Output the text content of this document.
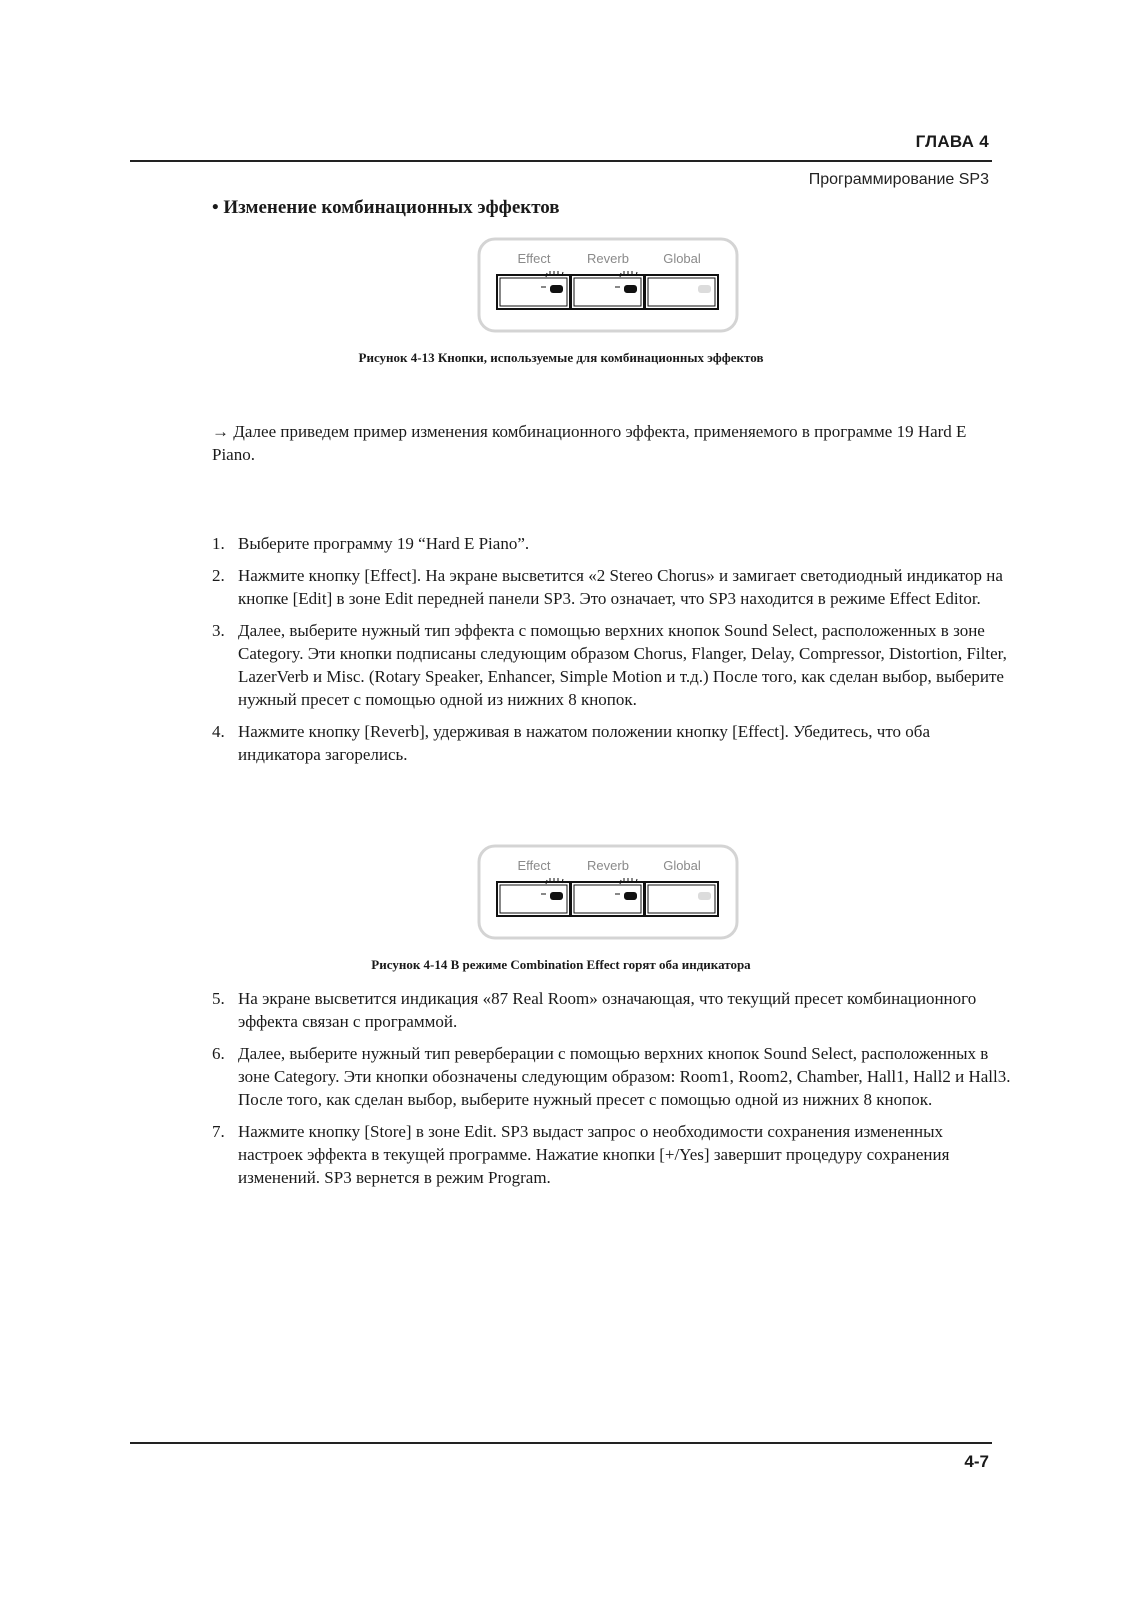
ГЛАВА 4
Программирование SP3
• Изменение комбинационных эффектов
Effect	Reverb	Global
Рисунок 4-13 Кнопки, используемые для комбинационных эффектов
→ Далее приведем пример изменения комбинационного эффекта, применяемого в программе 19 Hard E Piano.
1. Выберите программу 19 “Hard E Piano”.
2. Нажмите кнопку [Effect]. На экране высветится «2 Stereo Chorus» и замигает светодиодный индикатор на кнопке [Edit] в зоне Edit передней панели SP3. Это означает, что SP3 находится в режиме Effect Editor.
3. Далее, выберите нужный тип эффекта с помощью верхних кнопок Sound Select, расположенных в зоне Category. Эти кнопки подписаны следующим образом Chorus, Flanger, Delay, Compressor, Distortion, Filter, LazerVerb и Misc. (Rotary Speaker, Enhancer, Simple Motion и т.д.) После того, как сделан выбор, выберите нужный пресет с помощью одной из нижних 8 кнопок.
4. Нажмите кнопку [Reverb], удерживая в нажатом положении кнопку [Effect]. Убедитесь, что оба индикатора загорелись.
Effect	Reverb	Global
Рисунок 4-14 В режиме Combination Effect горят оба индикатора
5. На экране высветится индикация «87 Real Room» означающая, что текущий пресет комбинационного эффекта связан с программой.
6. Далее, выберите нужный тип реверберации с помощью верхних кнопок Sound Select, расположенных в зоне Category. Эти кнопки обозначены следующим образом: Room1, Room2, Chamber, Hall1, Hall2 и Hall3. После того, как сделан выбор, выберите нужный пресет с помощью одной из нижних 8 кнопок.
7. Нажмите кнопку [Store] в зоне Edit. SP3 выдаст запрос о необходимости сохранения измененных настроек эффекта в текущей программе. Нажатие кнопки [+/Yes] завершит процедуру сохранения изменений. SP3 вернется в режим Program.
4-7
